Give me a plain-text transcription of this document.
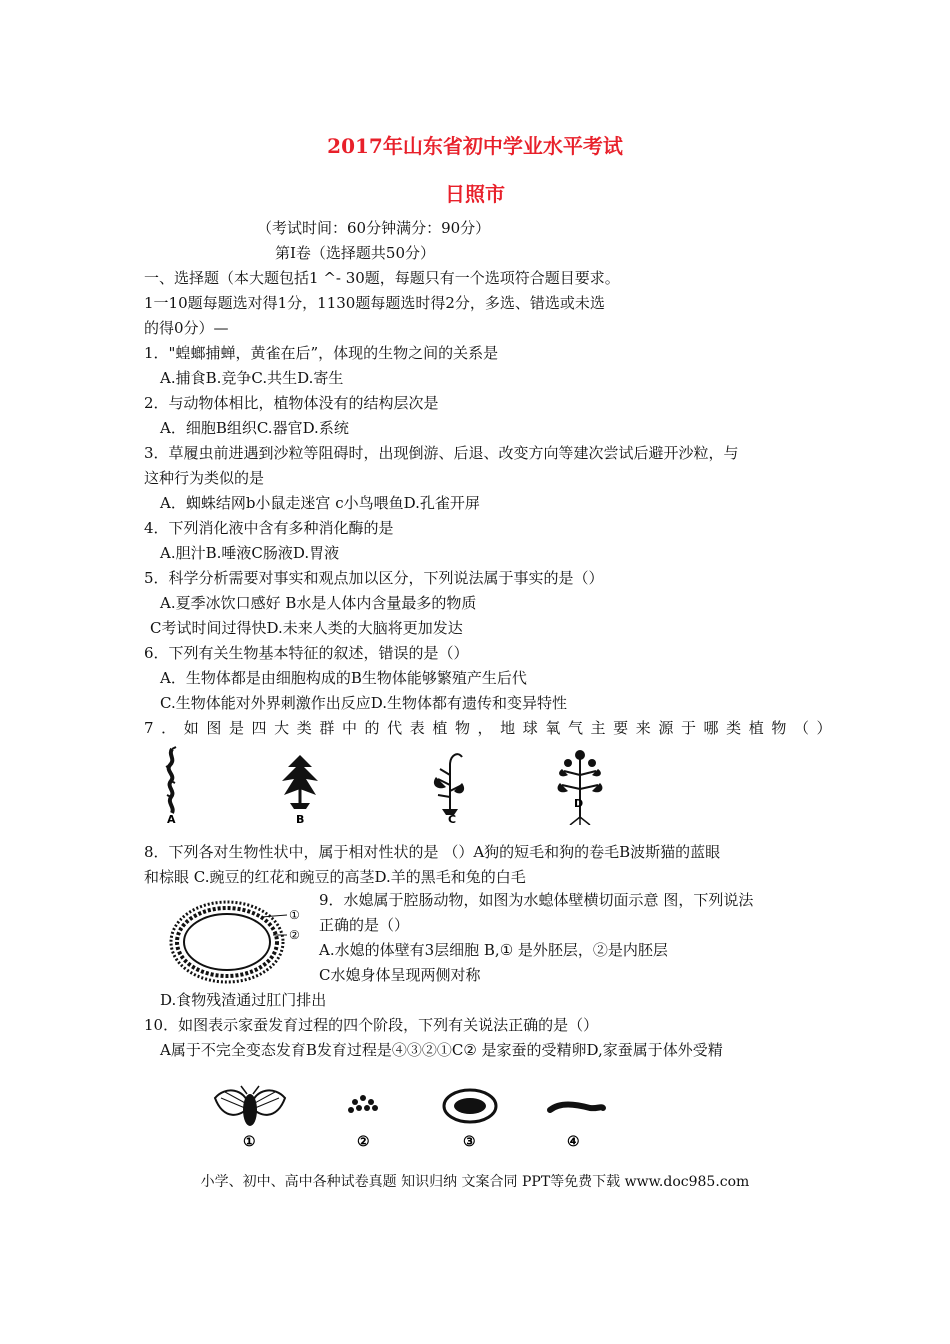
2017年山东省初中学业水平考试
日照市
（考试时间：60分钟满分：90分）
第Ⅰ卷（选择题共50分）
一、选择题（本大题包括1 ^- 30题，每题只有一个选项符合题目要求。
1一10题每题选对得1分，1130题每题选时得2分，多选、错选或未选
的得0分）—
1．"蝗螂捕蝉，黄雀在后”，体现的生物之间的关系是
A.捕食B.竞争C.共生D.寄生
2．与动物体相比，植物体没有的结构层次是
A．细胞B组织C.器官D.系统
3．草履虫前进遇到沙粒等阻碍时，出现倒游、后退、改变方向等建次尝试后避开沙粒，与
这种行为类似的是
A．蜘蛛结网b小鼠走迷宫 c小鸟喂鱼D.孔雀开屏
4．下列消化液中含有多种消化酶的是
A.胆汁B.唾液C肠液D.胃液
5．科学分析需要对事实和观点加以区分，下列说法属于事实的是（）
A.夏季冰饮口感好 B水是人体内含量最多的物质
C考试时间过得快D.未来人类的大脑将更加发达
6．下列有关生物基本特征的叙述，错误的是（）
A．生物体都是由细胞构成的B生物体能够繁殖产生后代
C.生物体能对外界刺激作出反应D.生物体都有遗传和变异特性
7．如图是四大类群中的代表植物，地球氧气主要来源于哪类植物（）
A	B	C
D
8．下列各对生物性状中，属于相对性状的是 （）A狗的短毛和狗的卷毛B波斯猫的蓝眼
和棕眼 C.豌豆的红花和豌豆的高茎D.羊的黑毛和兔的白毛
①
②
9．水媳属于腔肠动物，如图为水螅体壁横切面示意 图，下列说法
正确的是（）
A.水媳的体壁有3层细胞 B,① 是外胚层，②是内胚层
C水媳身体呈现两侧对称
D.食物残渣通过肛门排出
10．如图表示家蚕发育过程的四个阶段，下列有关说法正确的是（）
A属于不完全变态发育B发育过程是④③②①C② 是家蚕的受精卵D,家蚕属于体外受精
①	②	③	④
小学、初中、高中各种试卷真题 知识归纳 文案合同 PPT等免费下载 www.doc985.com
